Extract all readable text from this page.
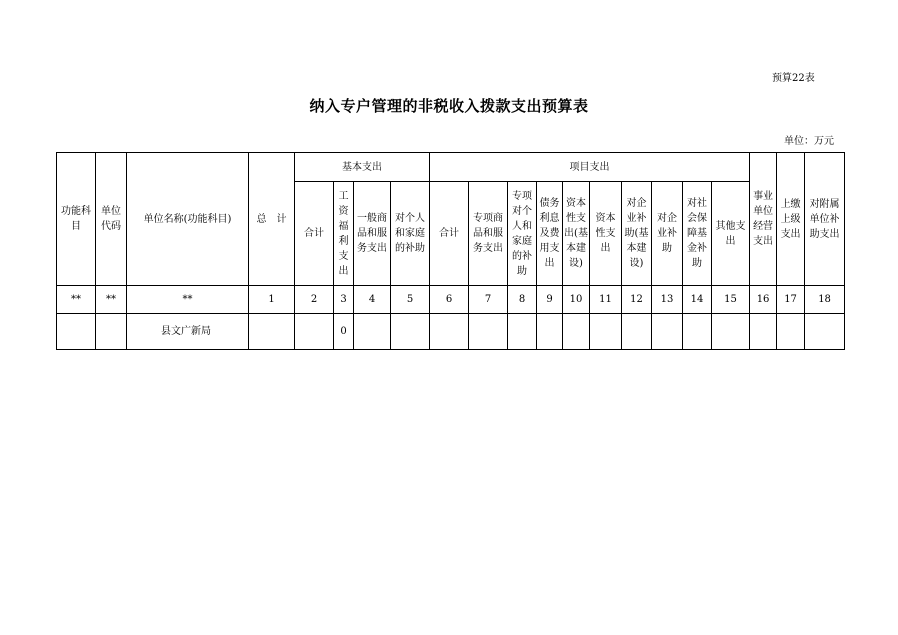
预算22表
纳入专户管理的非税收入拨款支出预算表
单位：万元
功能科目	单位代码	单位名称(功能科目)	总　计	基本支出				项目支出										事业单位经营支出	上缴上级支出	对附属单位补助支出
				合计	工资福利支出	一般商品和服务支出	对个人和家庭的补助	合计	专项商品和服务支出	专项对个人和家庭的补助	债务利息及费用支出	资本性支出(基本建设)	资本性支出	对企业补助(基本建设)	对企业补助	对社会保障基金补助	其他支出			
**	**	**	1	2	3	4	5	6	7	8	9	10	11	12	13	14	15	16	17	18
		县文广新局			0															
